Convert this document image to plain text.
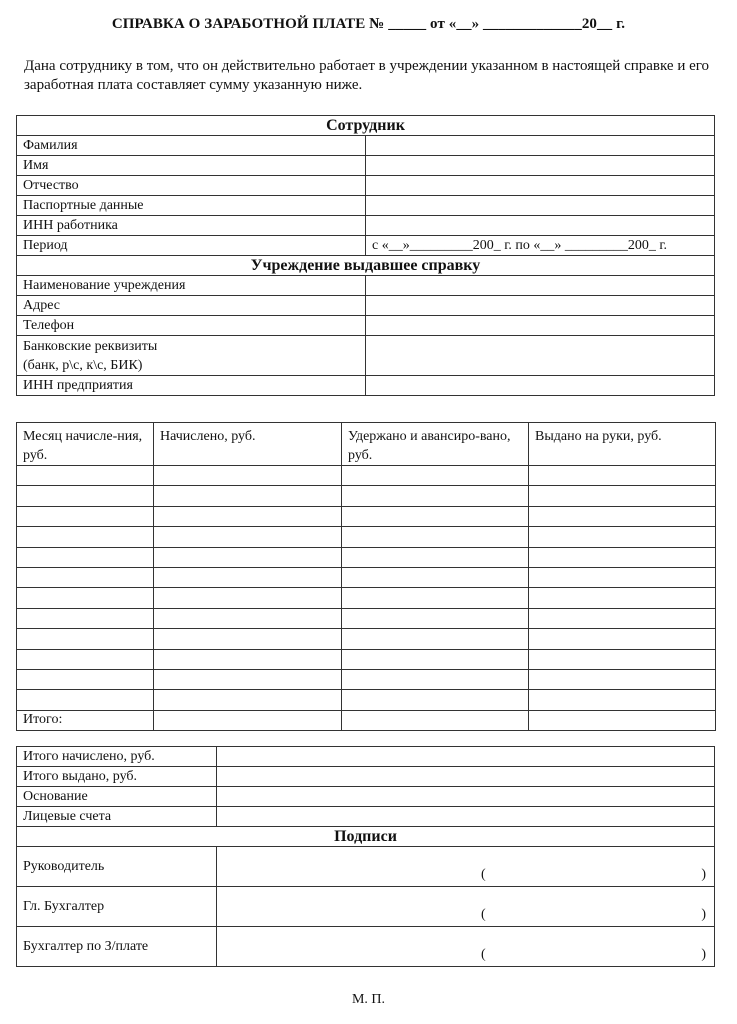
СПРАВКА О ЗАРАБОТНОЙ ПЛАТЕ № _____ от «__» _____________20__ г.
Дана сотруднику в том, что он действительно работает в учреждении указанном в настоящей справке и его заработная плата составляет сумму указанную ниже.
Сотрудник	
Фамилия	
Имя	
Отчество	
Паспортные данные	
ИНН работника	
Период	с «__»_________200_ г. по «__» _________200_ г.
Учреждение выдавшее справку	
Наименование учреждения	
Адрес	
Телефон	
Банковские реквизиты
(банк, р\с, к\с, БИК)	
ИНН предприятия	
Месяц начисле-ния, руб.	Начислено, руб.	Удержано и авансиро-вано, руб.	Выдано на руки, руб.

Итого:			
Итого начислено, руб.	
Итого выдано, руб.	
Основание	
Лицевые счета	
Подписи	
Руководитель	( )

Гл. Бухгалтер	( )

Бухгалтер по З/плате	( )
М. П.
